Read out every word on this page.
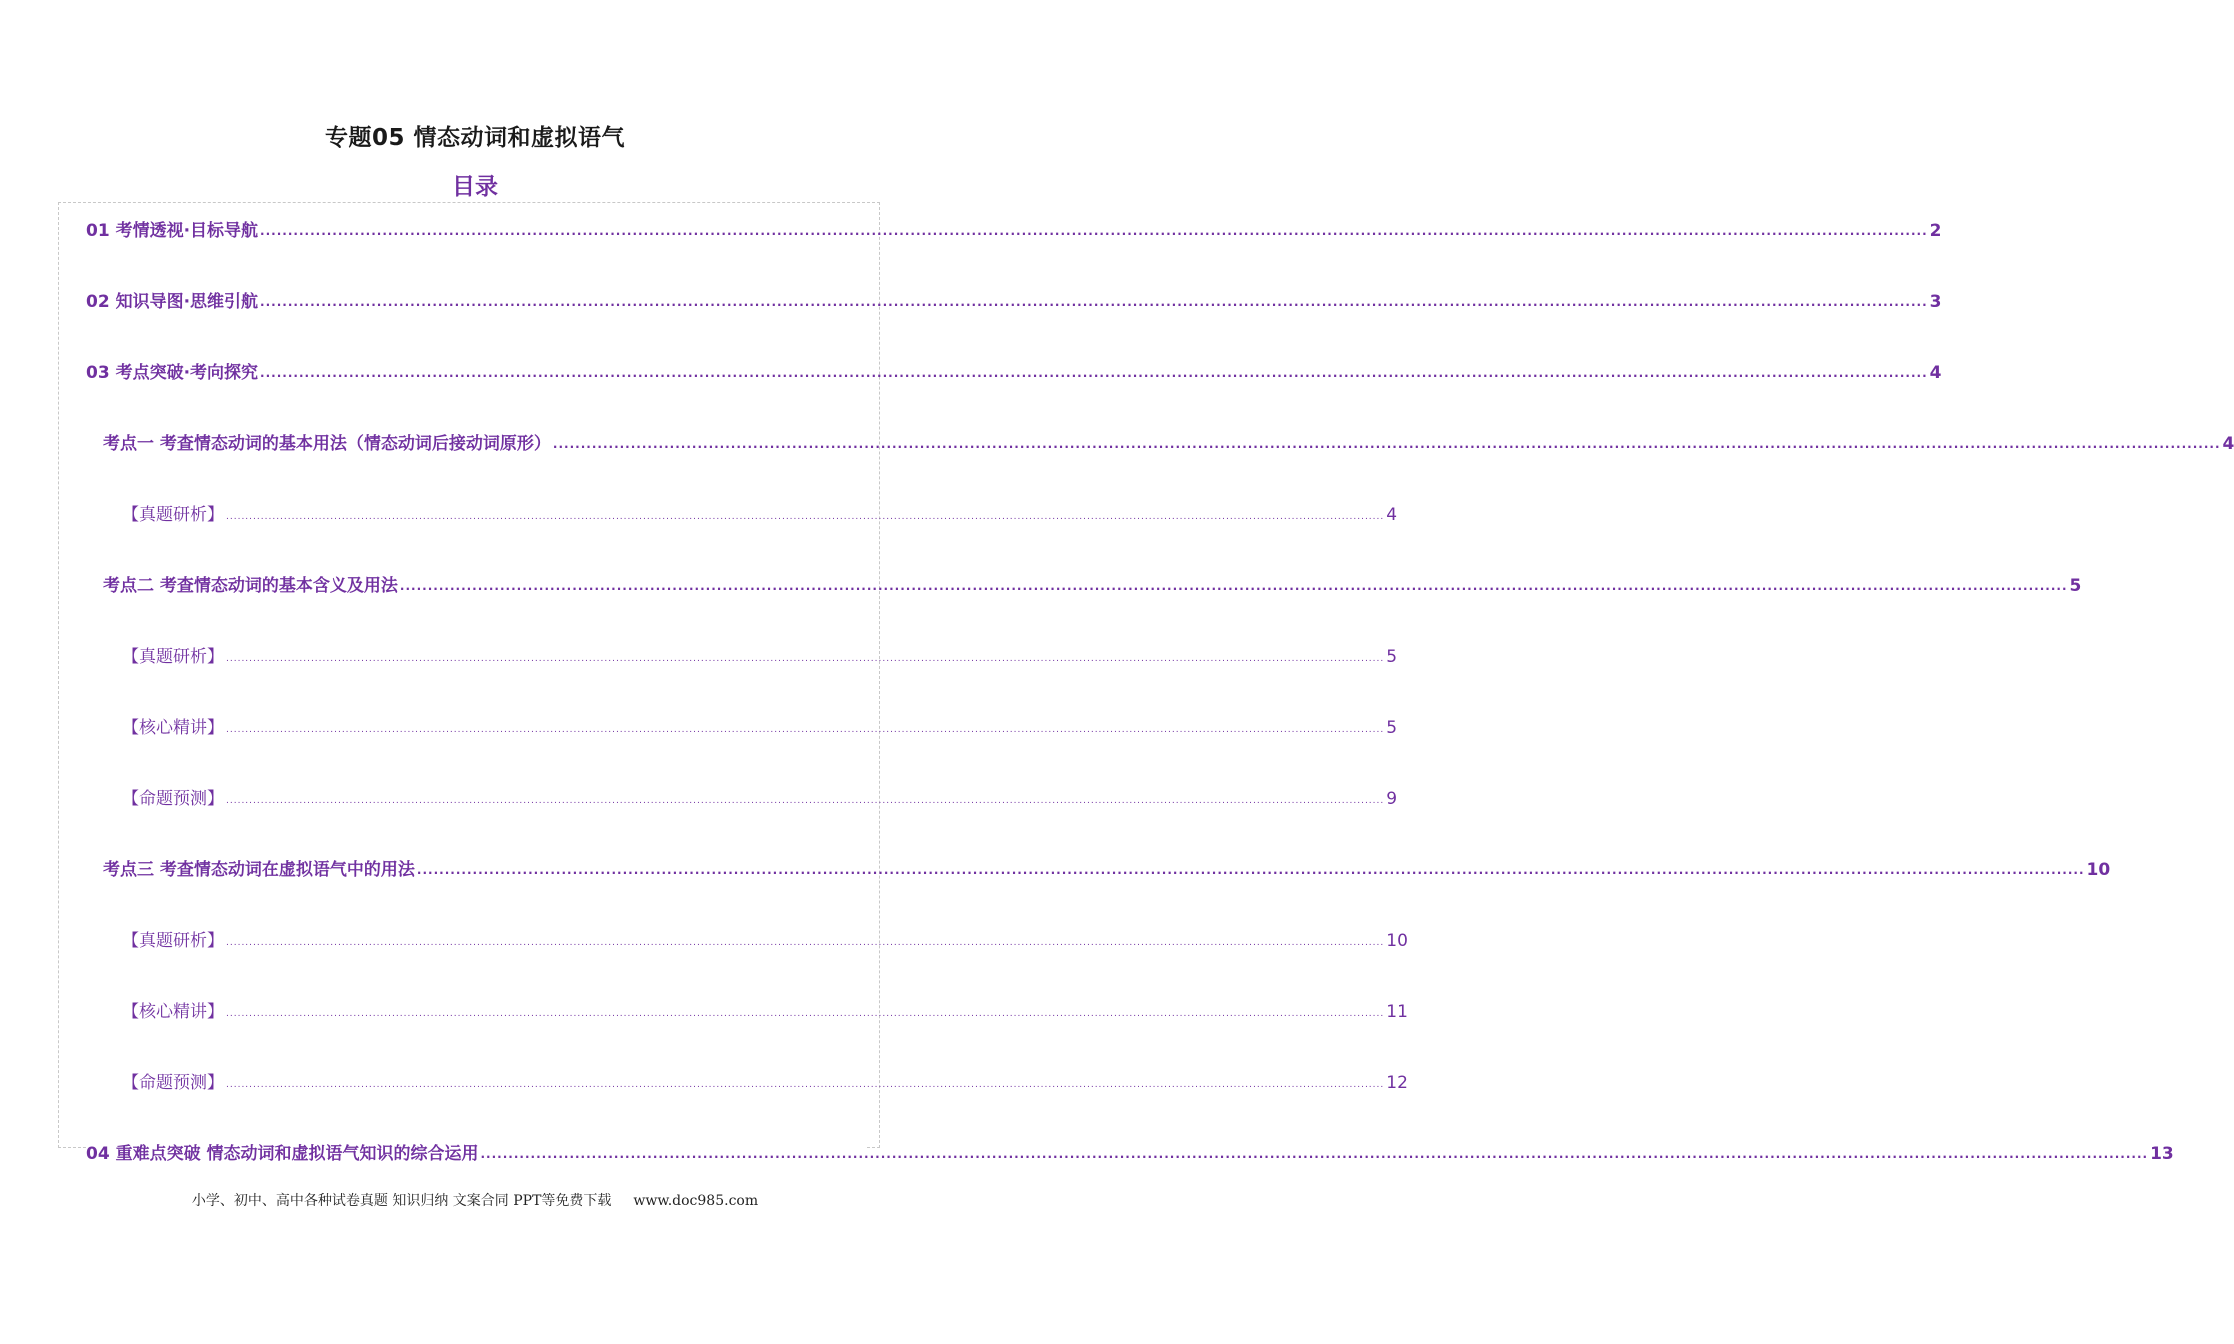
专题05 情态动词和虚拟语气
目录
01 考情透视·目标导航 ............................................................................................................................................................................................................................................................................................................ 2
02 知识导图·思维引航 ............................................................................................................................................................................................................................................................................................................ 3
03 考点突破·考向探究 ............................................................................................................................................................................................................................................................................................................ 4
考点一 考查情态动词的基本用法（情态动词后接动词原形） ............................................................................................................................................................................................................................................................................................................ 4
【真题研析】 ............................................................................................................................................................................................................................................................................................................ 4
考点二 考查情态动词的基本含义及用法 ............................................................................................................................................................................................................................................................................................................ 5
【真题研析】 ............................................................................................................................................................................................................................................................................................................ 5
【核心精讲】 ............................................................................................................................................................................................................................................................................................................ 5
【命题预测】 ............................................................................................................................................................................................................................................................................................................ 9
考点三 考查情态动词在虚拟语气中的用法 ............................................................................................................................................................................................................................................................................................................ 10
【真题研析】 ............................................................................................................................................................................................................................................................................................................ 10
【核心精讲】 ............................................................................................................................................................................................................................................................................................................ 11
【命题预测】 ............................................................................................................................................................................................................................................................................................................ 12
04 重难点突破 情态动词和虚拟语气知识的综合运用 ............................................................................................................................................................................................................................................................................................................ 13
小学、初中、高中各种试卷真题 知识归纳 文案合同 PPT等免费下载 www.doc985.com
